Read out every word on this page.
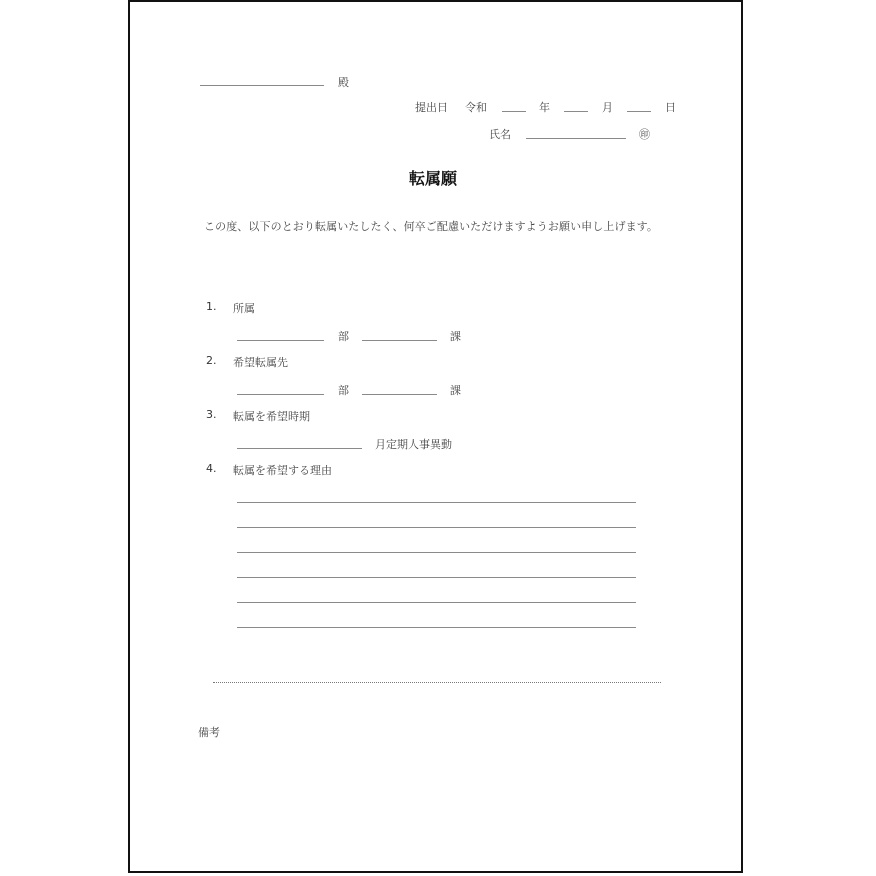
殿
提出日 令和	年	月	日
氏名	㊞
転属願
この度、以下のとおり転属いたしたく、何卒ご配慮いただけますようお願い申し上げます。
1. 所属
部	課
2. 希望転属先
部	課
3. 転属を希望時期
月定期人事異動
4. 転属を希望する理由
備考
